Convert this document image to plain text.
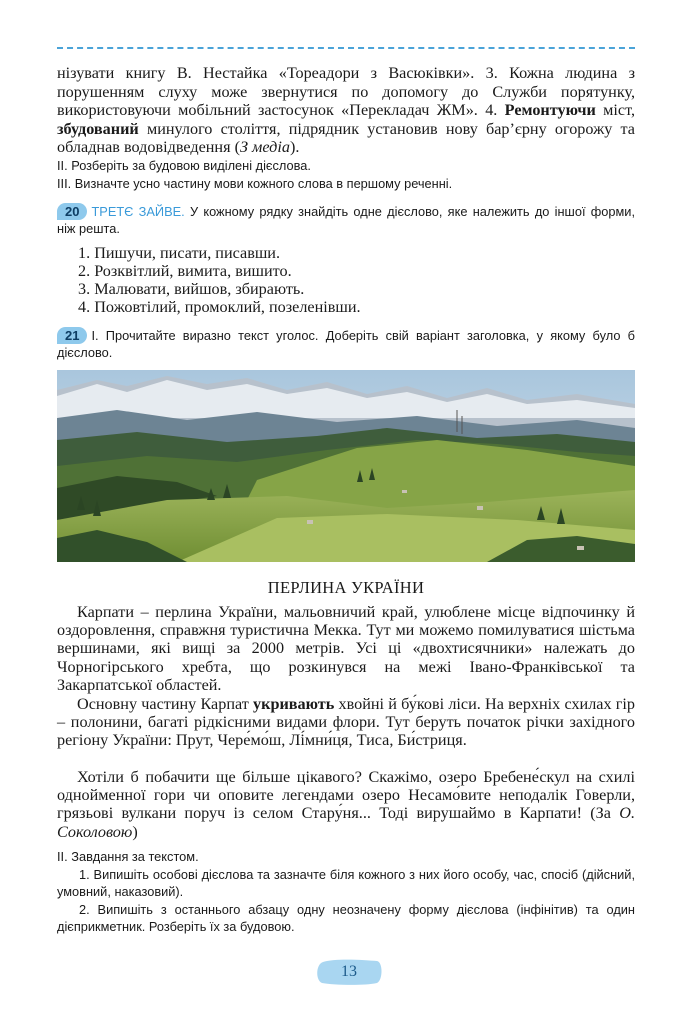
нізувати книгу В. Нестайка «Тореадори з Васюківки». 3. Кожна людина з порушенням слуху може звернутися по допомогу до Служби порятунку, використовуючи мобільний застосунок «Перекладач ЖМ». 4. Ремонтуючи міст, збудований минулого століття, підрядник установив нову бар’єрну огорожу та обладнав водовідведення (З медіа).

II. Розберіть за будовою виділені дієслова.

III. Визначте усно частину мови кожного слова в першому реченні.

20 ТРЕТЄ ЗАЙВЕ. У кожному рядку знайдіть одне дієслово, яке належить до іншої форми, ніж решта.

1. Пишучи, писати, писавши.
2. Розквітлий, вимита, вишито.
3. Малювати, вийшов, збирають.
4. Пожовтілий, промоклий, позеленівши.

21 І. Прочитайте виразно текст уголос. Доберіть свій варіант заголовка, у якому було б дієслово.

ПЕРЛИНА УКРАЇНИ

Карпати – перлина України, мальовничий край, улюблене місце відпочинку й оздоровлення, справжня туристична Мекка. Тут ми можемо помилуватися шістьма вершинами, які вищі за 2000 метрів. Усі ці «двохтисячники» належать до Чорногірського хребта, що розкинувся на межі Івано-Франківської та Закарпатської областей.

Основну частину Карпат укривають хвойні й бу́кові ліси. На верхніх схилах гір – полонини, багаті рідкісними видами флори. Тут беруть початок річки західного регіону України: Прут, Чере́мо́ш, Лі́мни́ця, Тиса, Би́стриця.

Хотіли б побачити ще більше цікавого? Скажімо, озеро Бребене́скул на схилі однойменної гори чи оповите легендами озеро Несамо́вите неподалік Говерли, грязьові вулкани поруч із селом Стару́ня... Тоді вирушаймо в Карпати! (За О. Соколовою)

ІІ. Завдання за текстом.

1. Випишіть особові дієслова та зазначте біля кожного з них його особу, час, спосіб (дійсний, умовний, наказовий).

2. Випишіть з останнього абзацу одну неозначену форму дієслова (інфінітив) та один дієприкметник. Розберіть їх за будовою.

13
